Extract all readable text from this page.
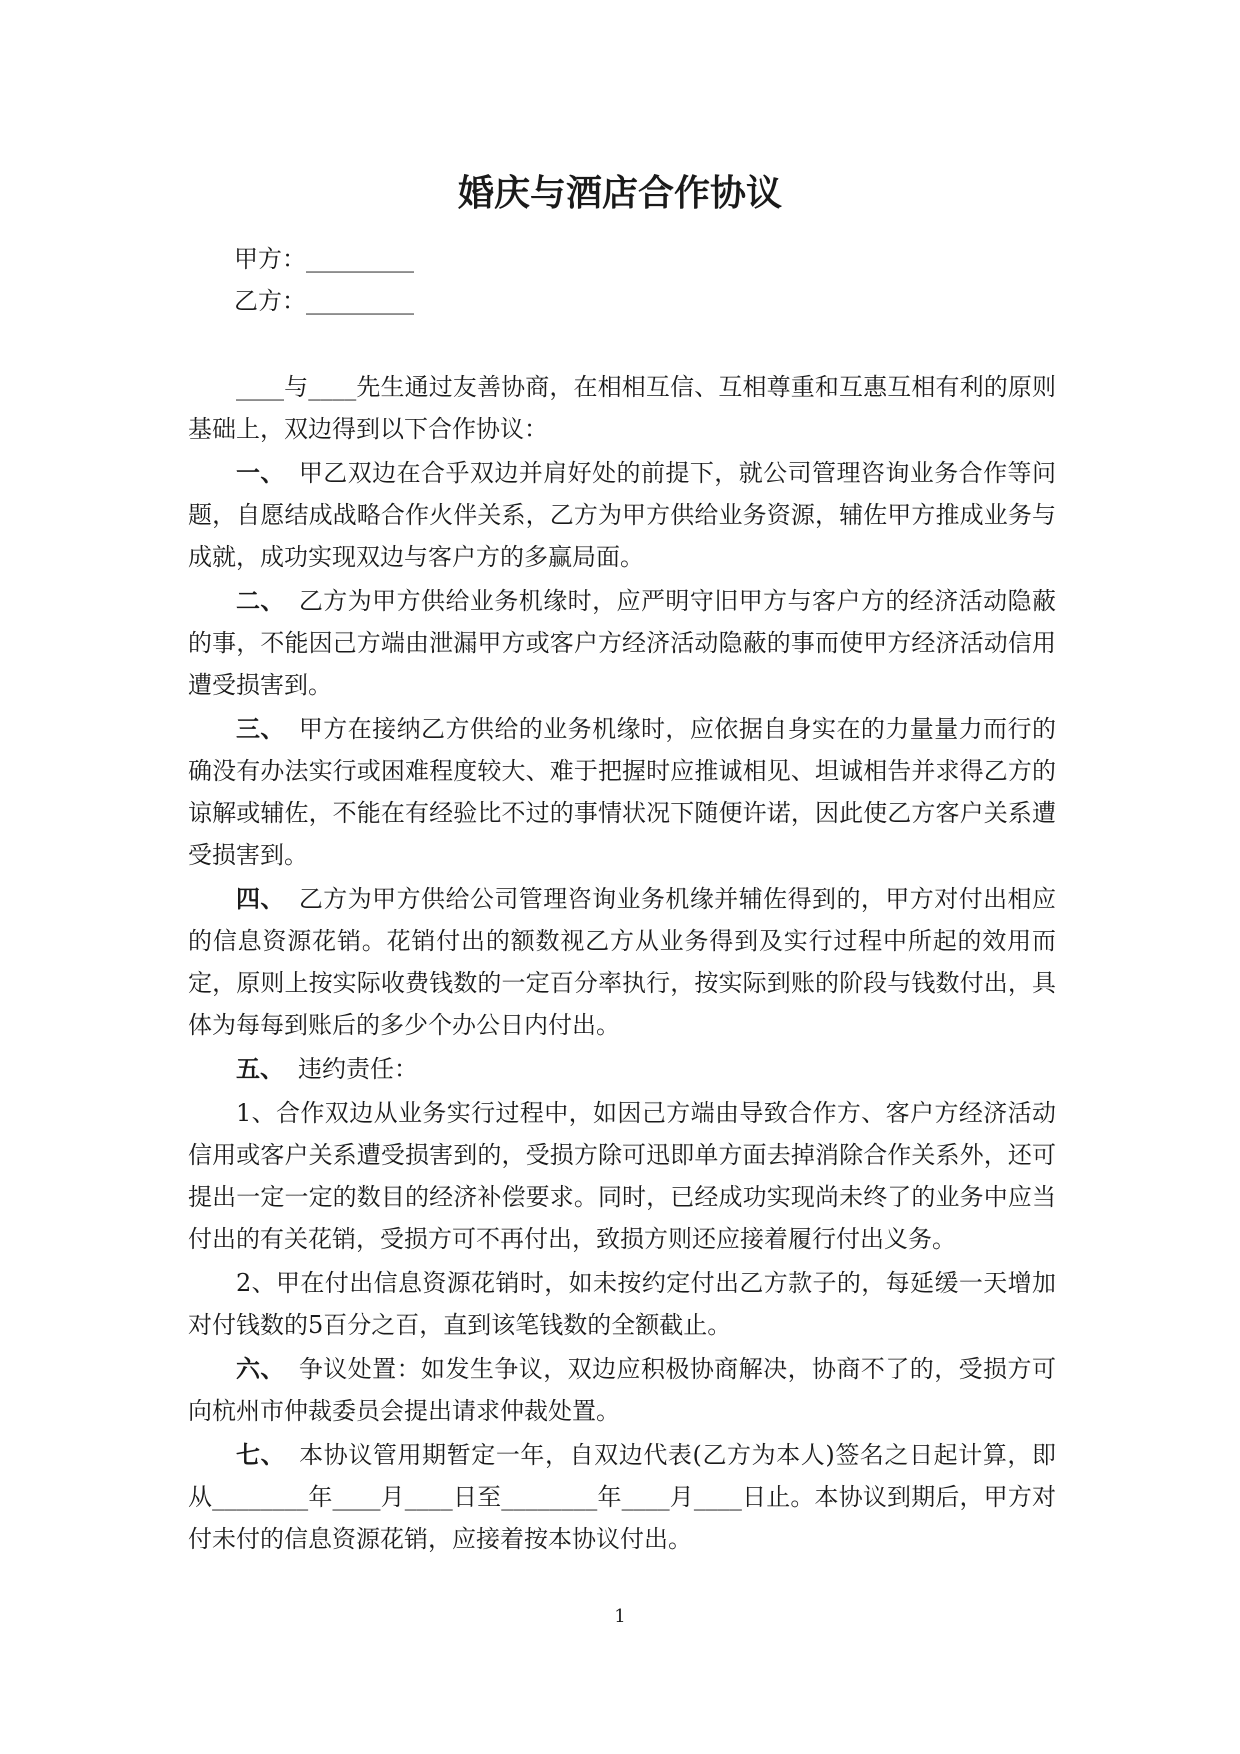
婚庆与酒店合作协议
甲方：_________
乙方：_________

____与____先生通过友善协商，在相相互信、互相尊重和互惠互相有利的原则基础上，双边得到以下合作协议：

一、 甲乙双边在合乎双边并肩好处的前提下，就公司管理咨询业务合作等问题，自愿结成战略合作火伴关系，乙方为甲方供给业务资源，辅佐甲方推成业务与成就，成功实现双边与客户方的多赢局面。

二、 乙方为甲方供给业务机缘时，应严明守旧甲方与客户方的经济活动隐蔽的事，不能因己方端由泄漏甲方或客户方经济活动隐蔽的事而使甲方经济活动信用遭受损害到。

三、 甲方在接纳乙方供给的业务机缘时，应依据自身实在的力量量力而行的确没有办法实行或困难程度较大、难于把握时应推诚相见、坦诚相告并求得乙方的谅解或辅佐，不能在有经验比不过的事情状况下随便许诺，因此使乙方客户关系遭受损害到。

四、 乙方为甲方供给公司管理咨询业务机缘并辅佐得到的，甲方对付出相应的信息资源花销。花销付出的额数视乙方从业务得到及实行过程中所起的效用而定，原则上按实际收费钱数的一定百分率执行，按实际到账的阶段与钱数付出，具体为每每到账后的多少个办公日内付出。

五、 违约责任：

1、合作双边从业务实行过程中，如因己方端由导致合作方、客户方经济活动信用或客户关系遭受损害到的，受损方除可迅即单方面去掉消除合作关系外，还可提出一定一定的数目的经济补偿要求。同时，已经成功实现尚未终了的业务中应当付出的有关花销，受损方可不再付出，致损方则还应接着履行付出义务。

2、甲在付出信息资源花销时，如未按约定付出乙方款子的，每延缓一天增加对付钱数的5百分之百，直到该笔钱数的全额截止。

六、 争议处置：如发生争议，双边应积极协商解决，协商不了的，受损方可向杭州市仲裁委员会提出请求仲裁处置。

七、 本协议管用期暂定一年，自双边代表(乙方为本人)签名之日起计算，即从________年____月____日至________年____月____日止。本协议到期后，甲方对付未付的信息资源花销，应接着按本协议付出。

1
